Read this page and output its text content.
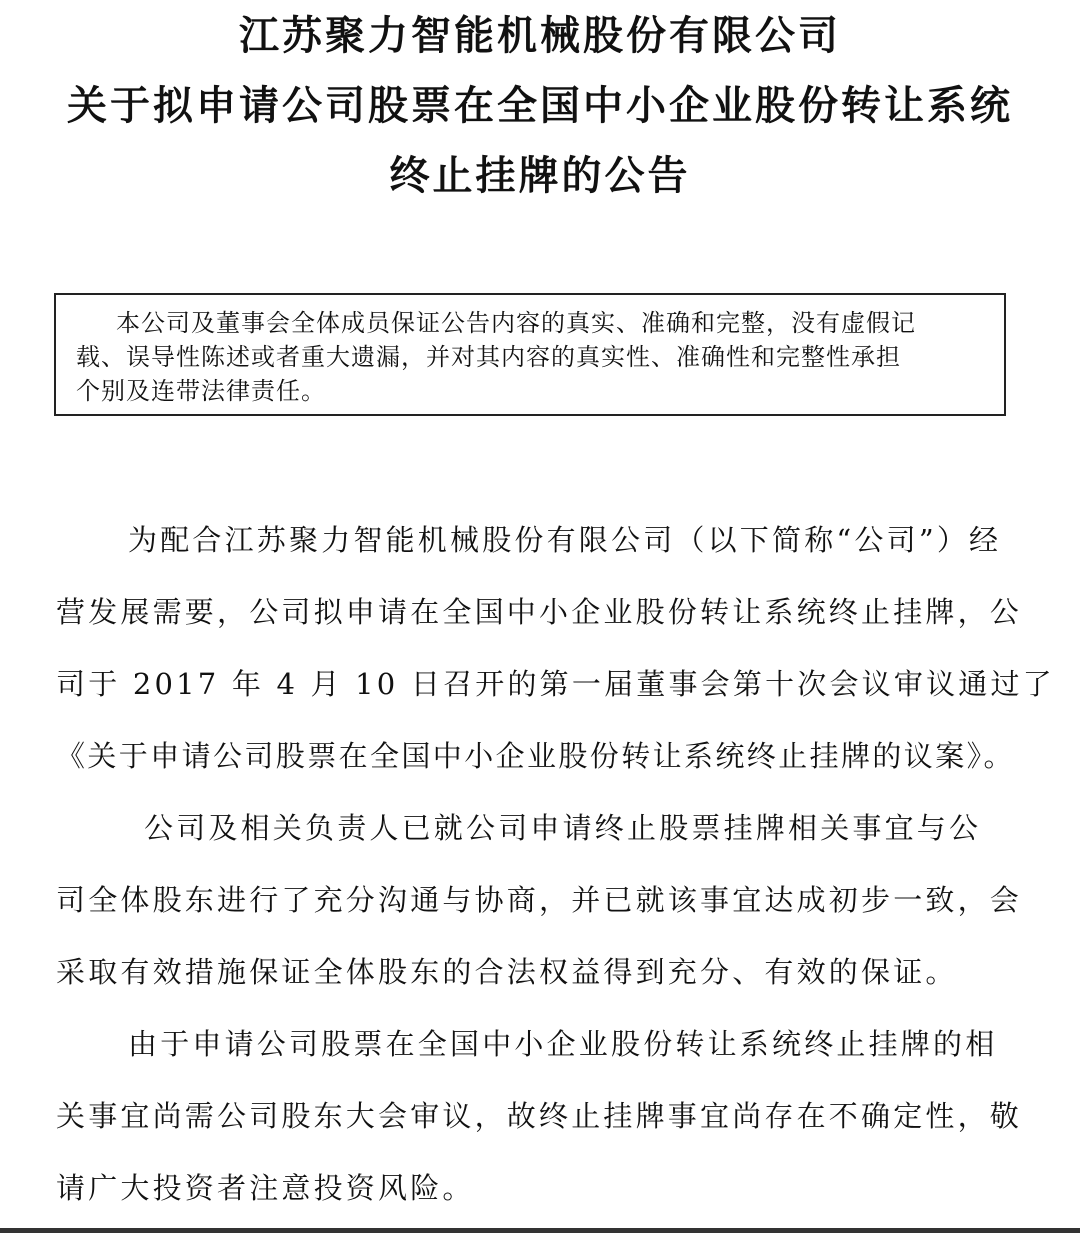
江苏聚力智能机械股份有限公司
关于拟申请公司股票在全国中小企业股份转让系统
终止挂牌的公告
本公司及董事会全体成员保证公告内容的真实、准确和完整，没有虚假记
载、误导性陈述或者重大遗漏，并对其内容的真实性、准确性和完整性承担
个别及连带法律责任。
为配合江苏聚力智能机械股份有限公司（以下简称“公司”）经
营发展需要，公司拟申请在全国中小企业股份转让系统终止挂牌，公
司于 2017 年 4 月 10 日召开的第一届董事会第十次会议审议通过了
《关于申请公司股票在全国中小企业股份转让系统终止挂牌的议案》。
公司及相关负责人已就公司申请终止股票挂牌相关事宜与公
司全体股东进行了充分沟通与协商，并已就该事宜达成初步一致，会
采取有效措施保证全体股东的合法权益得到充分、有效的保证。
由于申请公司股票在全国中小企业股份转让系统终止挂牌的相
关事宜尚需公司股东大会审议，故终止挂牌事宜尚存在不确定性，敬
请广大投资者注意投资风险。
